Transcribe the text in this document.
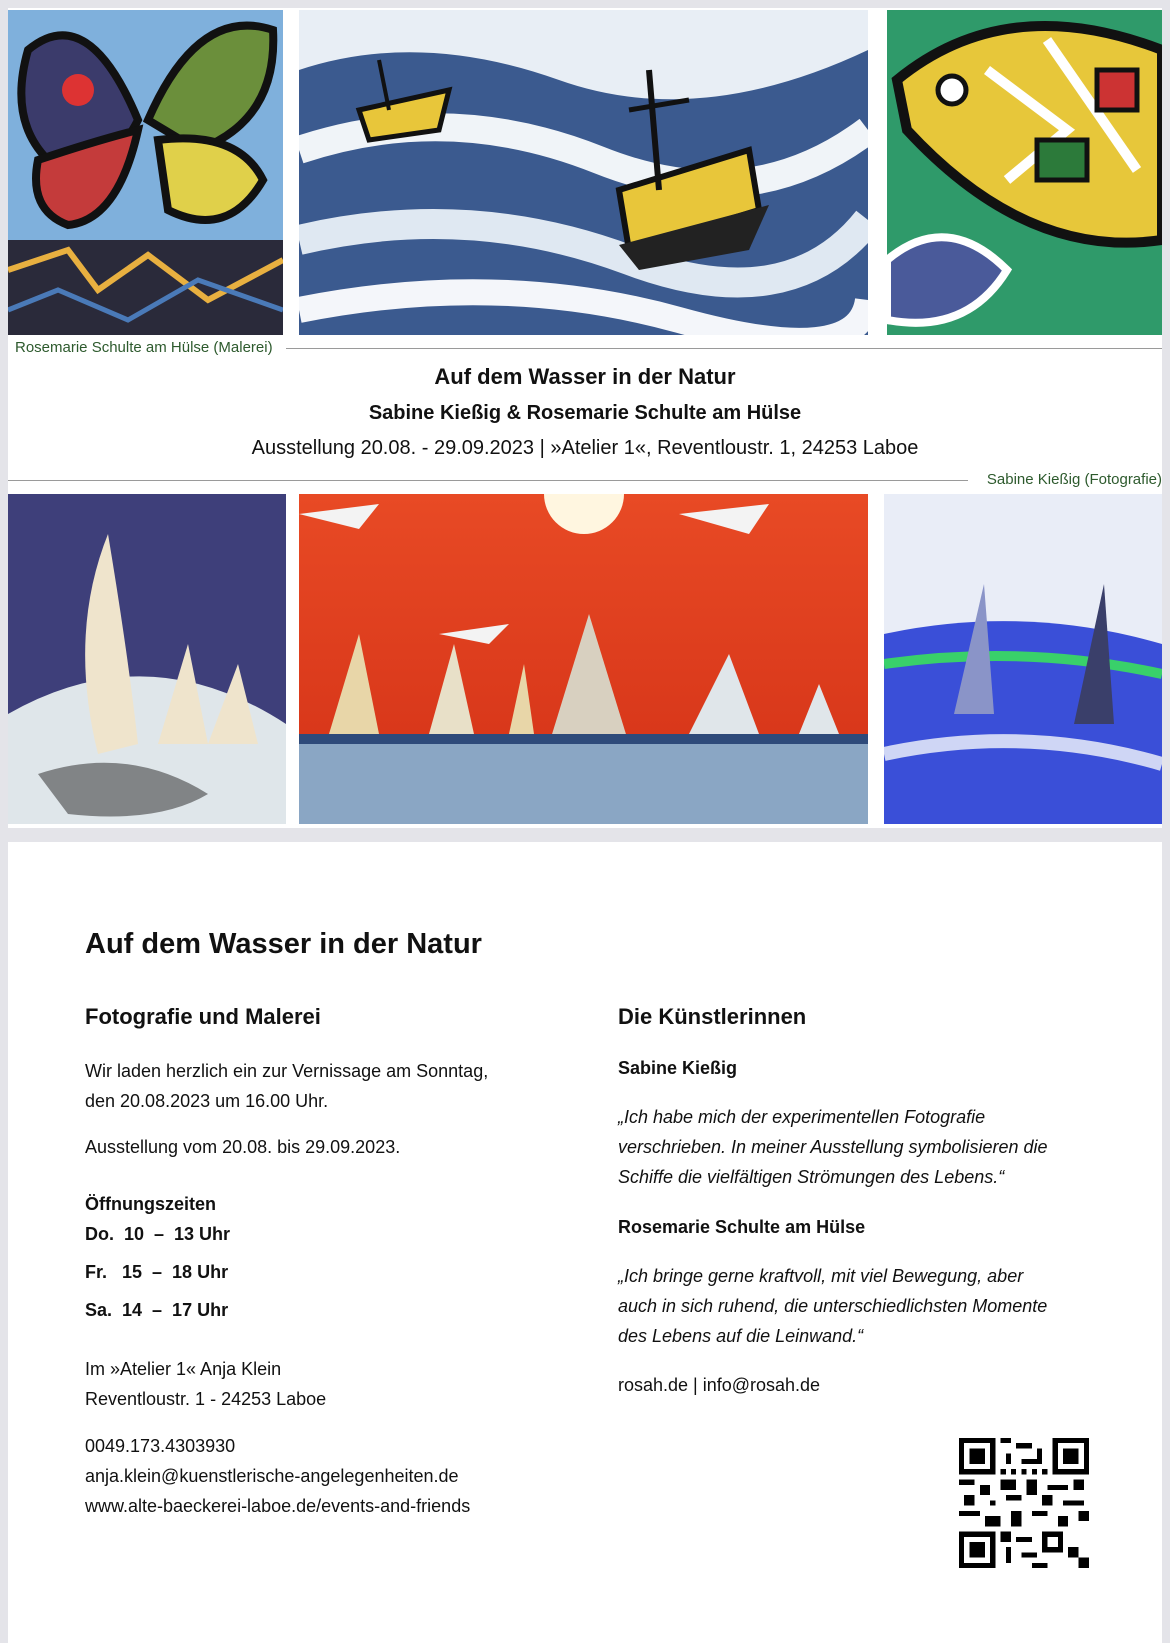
Rosemarie Schulte am Hülse (Malerei)
Auf dem Wasser in der Natur
Sabine Kießig & Rosemarie Schulte am Hülse
Ausstellung 20.08. - 29.09.2023 | »Atelier 1«, Reventloustr. 1, 24253 Laboe
Sabine Kießig (Fotografie)
Auf dem Wasser in der Natur
Fotografie und Malerei
Wir laden herzlich ein zur Vernissage am Sonntag,
den 20.08.2023 um 16.00 Uhr.
Ausstellung vom 20.08. bis 29.09.2023.
Öffnungszeiten
Do.  10  –  13 Uhr
Fr.   15  –  18 Uhr
Sa.  14  –  17 Uhr
Im »Atelier 1« Anja Klein
Reventloustr. 1 - 24253 Laboe
0049.173.4303930
anja.klein@kuenstlerische-angelegenheiten.de
www.alte-baeckerei-laboe.de/events-and-friends
Die Künstlerinnen
Sabine Kießig
„Ich habe mich der experimentellen Fotografie
verschrieben. In meiner Ausstellung symbolisieren die
Schiffe die vielfältigen Strömungen des Lebens.“
Rosemarie Schulte am Hülse
„Ich bringe gerne kraftvoll, mit viel Bewegung, aber
auch in sich ruhend, die unterschiedlichsten Momente
des Lebens auf die Leinwand.“
rosah.de | info@rosah.de
